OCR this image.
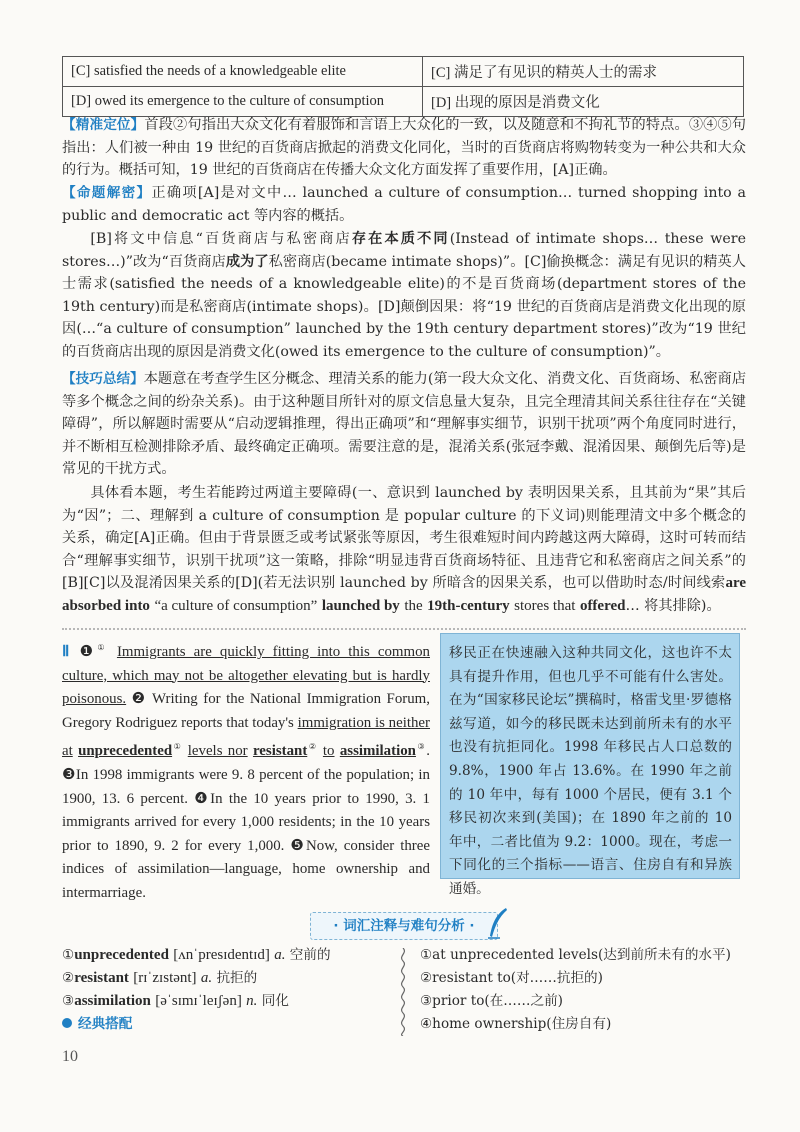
[C] satisfied the needs of a knowledgeable elite	[C] 满足了有见识的精英人士的需求
[D] owed its emergence to the culture of consumption	[D] 出现的原因是消费文化
【精准定位】首段②句指出大众文化有着服饰和言语上大众化的一致，以及随意和不拘礼节的特点。③④⑤句指出：人们被一种由 19 世纪的百货商店掀起的消费文化同化，当时的百货商店将购物转变为一种公共和大众的行为。概括可知，19 世纪的百货商店在传播大众文化方面发挥了重要作用，[A]正确。
【命题解密】正确项[A]是对文中… launched a culture of consumption… turned shopping into a public and democratic act 等内容的概括。
[B]将文中信息“百货商店与私密商店存在本质不同(Instead of intimate shops… these were stores…)”改为“百货商店成为了私密商店(became intimate shops)”。[C]偷换概念：满足有见识的精英人士需求(satisfied the needs of a knowledgeable elite)的不是百货商场(department stores of the 19th century)而是私密商店(intimate shops)。[D]颠倒因果：将“19 世纪的百货商店是消费文化出现的原因(…“a culture of consumption” launched by the 19th century department stores)”改为“19 世纪的百货商店出现的原因是消费文化(owed its emergence to the culture of consumption)”。
【技巧总结】本题意在考查学生区分概念、理清关系的能力(第一段大众文化、消费文化、百货商场、私密商店等多个概念之间的纷杂关系)。由于这种题目所针对的原文信息量大复杂，且完全理清其间关系往往存在“关键障碍”，所以解题时需要从“启动逻辑推理，得出正确项”和“理解事实细节，识别干扰项”两个角度同时进行，并不断相互检测排除矛盾、最终确定正确项。需要注意的是，混淆关系(张冠李戴、混淆因果、颠倒先后等)是常见的干扰方式。
具体看本题，考生若能跨过两道主要障碍(一、意识到 launched by 表明因果关系，且其前为“果”其后为“因”；二、理解到 a culture of consumption 是 popular culture 的下义词)则能理清文中多个概念的关系，确定[A]正确。但由于背景匮乏或考试紧张等原因，考生很难短时间内跨越这两大障碍，这时可转而结合“理解事实细节，识别干扰项”这一策略，排除“明显违背百货商场特征、且违背它和私密商店之间关系”的[B][C]以及混淆因果关系的[D](若无法识别 launched by 所暗含的因果关系，也可以借助时态/时间线索are absorbed into “a culture of consumption” launched by the 19th-century stores that offered… 将其排除)。
Ⅱ ❶① Immigrants are quickly fitting into this common culture, which may not be altogether elevating but is hardly poisonous. ❷ Writing for the National Immigration Forum, Gregory Rodriguez reports that today's immigration is neither at unprecedented① levels nor resistant② to assimilation③. ❸In 1998 immigrants were 9. 8 percent of the population; in 1900, 13. 6 percent. ❹In the 10 years prior to 1990, 3. 1 immigrants arrived for every 1,000 residents; in the 10 years prior to 1890, 9. 2 for every 1,000. ❺Now, consider three indices of assimilation—language, home ownership and intermarriage.
移民正在快速融入这种共同文化，这也许不太具有提升作用，但也几乎不可能有什么害处。在为“国家移民论坛”撰稿时，格雷戈里·罗德格兹写道，如今的移民既未达到前所未有的水平也没有抗拒同化。1998 年移民占人口总数的 9.8%，1900 年占 13.6%。在 1990 年之前的 10 年中，每有 1000 个居民，便有 3.1 个移民初次来到(美国)；在 1890 年之前的 10 年中，二者比值为 9.2：1000。现在，考虑一下同化的三个指标——语言、住房自有和异族通婚。
· 词汇注释与难句分析 ·
①unprecedented [ʌnˈpresɪdentɪd] a. 空前的
②resistant [rɪˈzɪstənt] a. 抗拒的
③assimilation [əˈsɪmɪˈleɪʃən] n. 同化
经典搭配
①at unprecedented levels(达到前所未有的水平)
②resistant to(对……抗拒的)
③prior to(在……之前)
④home ownership(住房自有)
10
